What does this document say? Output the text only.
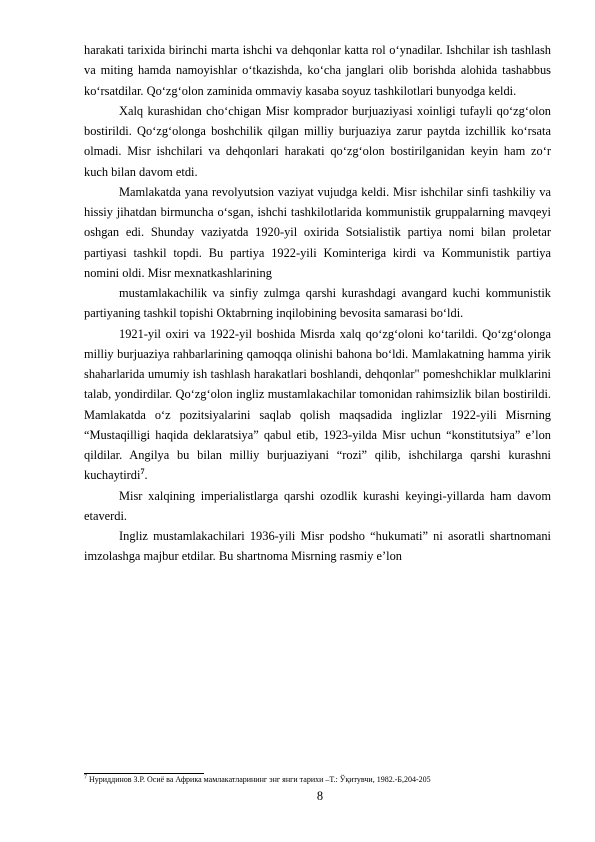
harakati tarixida birinchi marta ishchi va dehqonlar katta rol o‘ynadilar. Ishchilar ish tashlash va miting hamda namoyishlar o‘tkazishda, ko‘cha janglari olib borishda alohida tashabbus ko‘rsatdilar. Qo‘zg‘olon zaminida ommaviy kasaba soyuz tashkilotlari bunyodga keldi.

Xalq kurashidan cho‘chigan Misr komprador burjuaziyasi xoinligi tufayli qo‘zg‘olon bostirildi. Qo‘zg‘olonga boshchilik qilgan milliy burjuaziya zarur paytda izchillik ko‘rsata olmadi. Misr ishchilari va dehqonlari harakati qo‘zg‘olon bostirilganidan keyin ham zo‘r kuch bilan davom etdi.

Mamlakatda yana revolyutsion vaziyat vujudga keldi. Misr ishchilar sinfi tashkiliy va hissiy jihatdan birmuncha o‘sgan, ishchi tashkilotlarida kommunistik gruppalarning mavqeyi oshgan edi. Shunday vaziyatda 1920-yil oxirida Sotsialistik partiya nomi bilan proletar partiyasi tashkil topdi. Bu partiya 1922-yili Kominteriga kirdi va Kommunistik partiya nomini oldi. Misr mexnatkashlarining

mustamlakachilik va sinfiy zulmga qarshi kurashdagi avangard kuchi kommunistik partiyaning tashkil topishi Oktabrning inqilobining bevosita samarasi bo‘ldi.

1921-yil oxiri va 1922-yil boshida Misrda xalq qo‘zg‘oloni ko‘tarildi. Qo‘zg‘olonga milliy burjuaziya rahbarlarining qamoqqa olinishi bahona bo‘ldi. Mamlakatning hamma yirik shaharlarida umumiy ish tashlash harakatlari boshlandi, dehqonlar" pomeshchiklar mulklarini talab, yondirdilar. Qo‘zg‘olon ingliz mustamlakachilar tomonidan rahimsizlik bilan bostirildi. Mamlakatda o‘z pozitsiyalarini saqlab qolish maqsadida inglizlar 1922-yili Misrning “Mustaqilligi haqida deklaratsiya” qabul etib, 1923-yilda Misr uchun “konstitutsiya” e’lon qildilar. Angilya bu bilan milliy burjuaziyani “rozi” qilib, ishchilarga qarshi kurashni kuchaytirdi$^7$.

Misr xalqining imperialistlarga qarshi ozodlik kurashi keyingi-yillarda ham davom etaverdi.

Ingliz mustamlakachilari 1936-yili Misr podsho “hukumati” ni asoratli shartnomani imzolashga majbur etdilar. Bu shartnoma Misrning rasmiy e’lon

$^7$ Нуриддинов З.Р. Осиё ва Африка мамлакатларининг энг янги тарихи –Т.: Ўқитувчи, 1982.-Б,204-205
8
